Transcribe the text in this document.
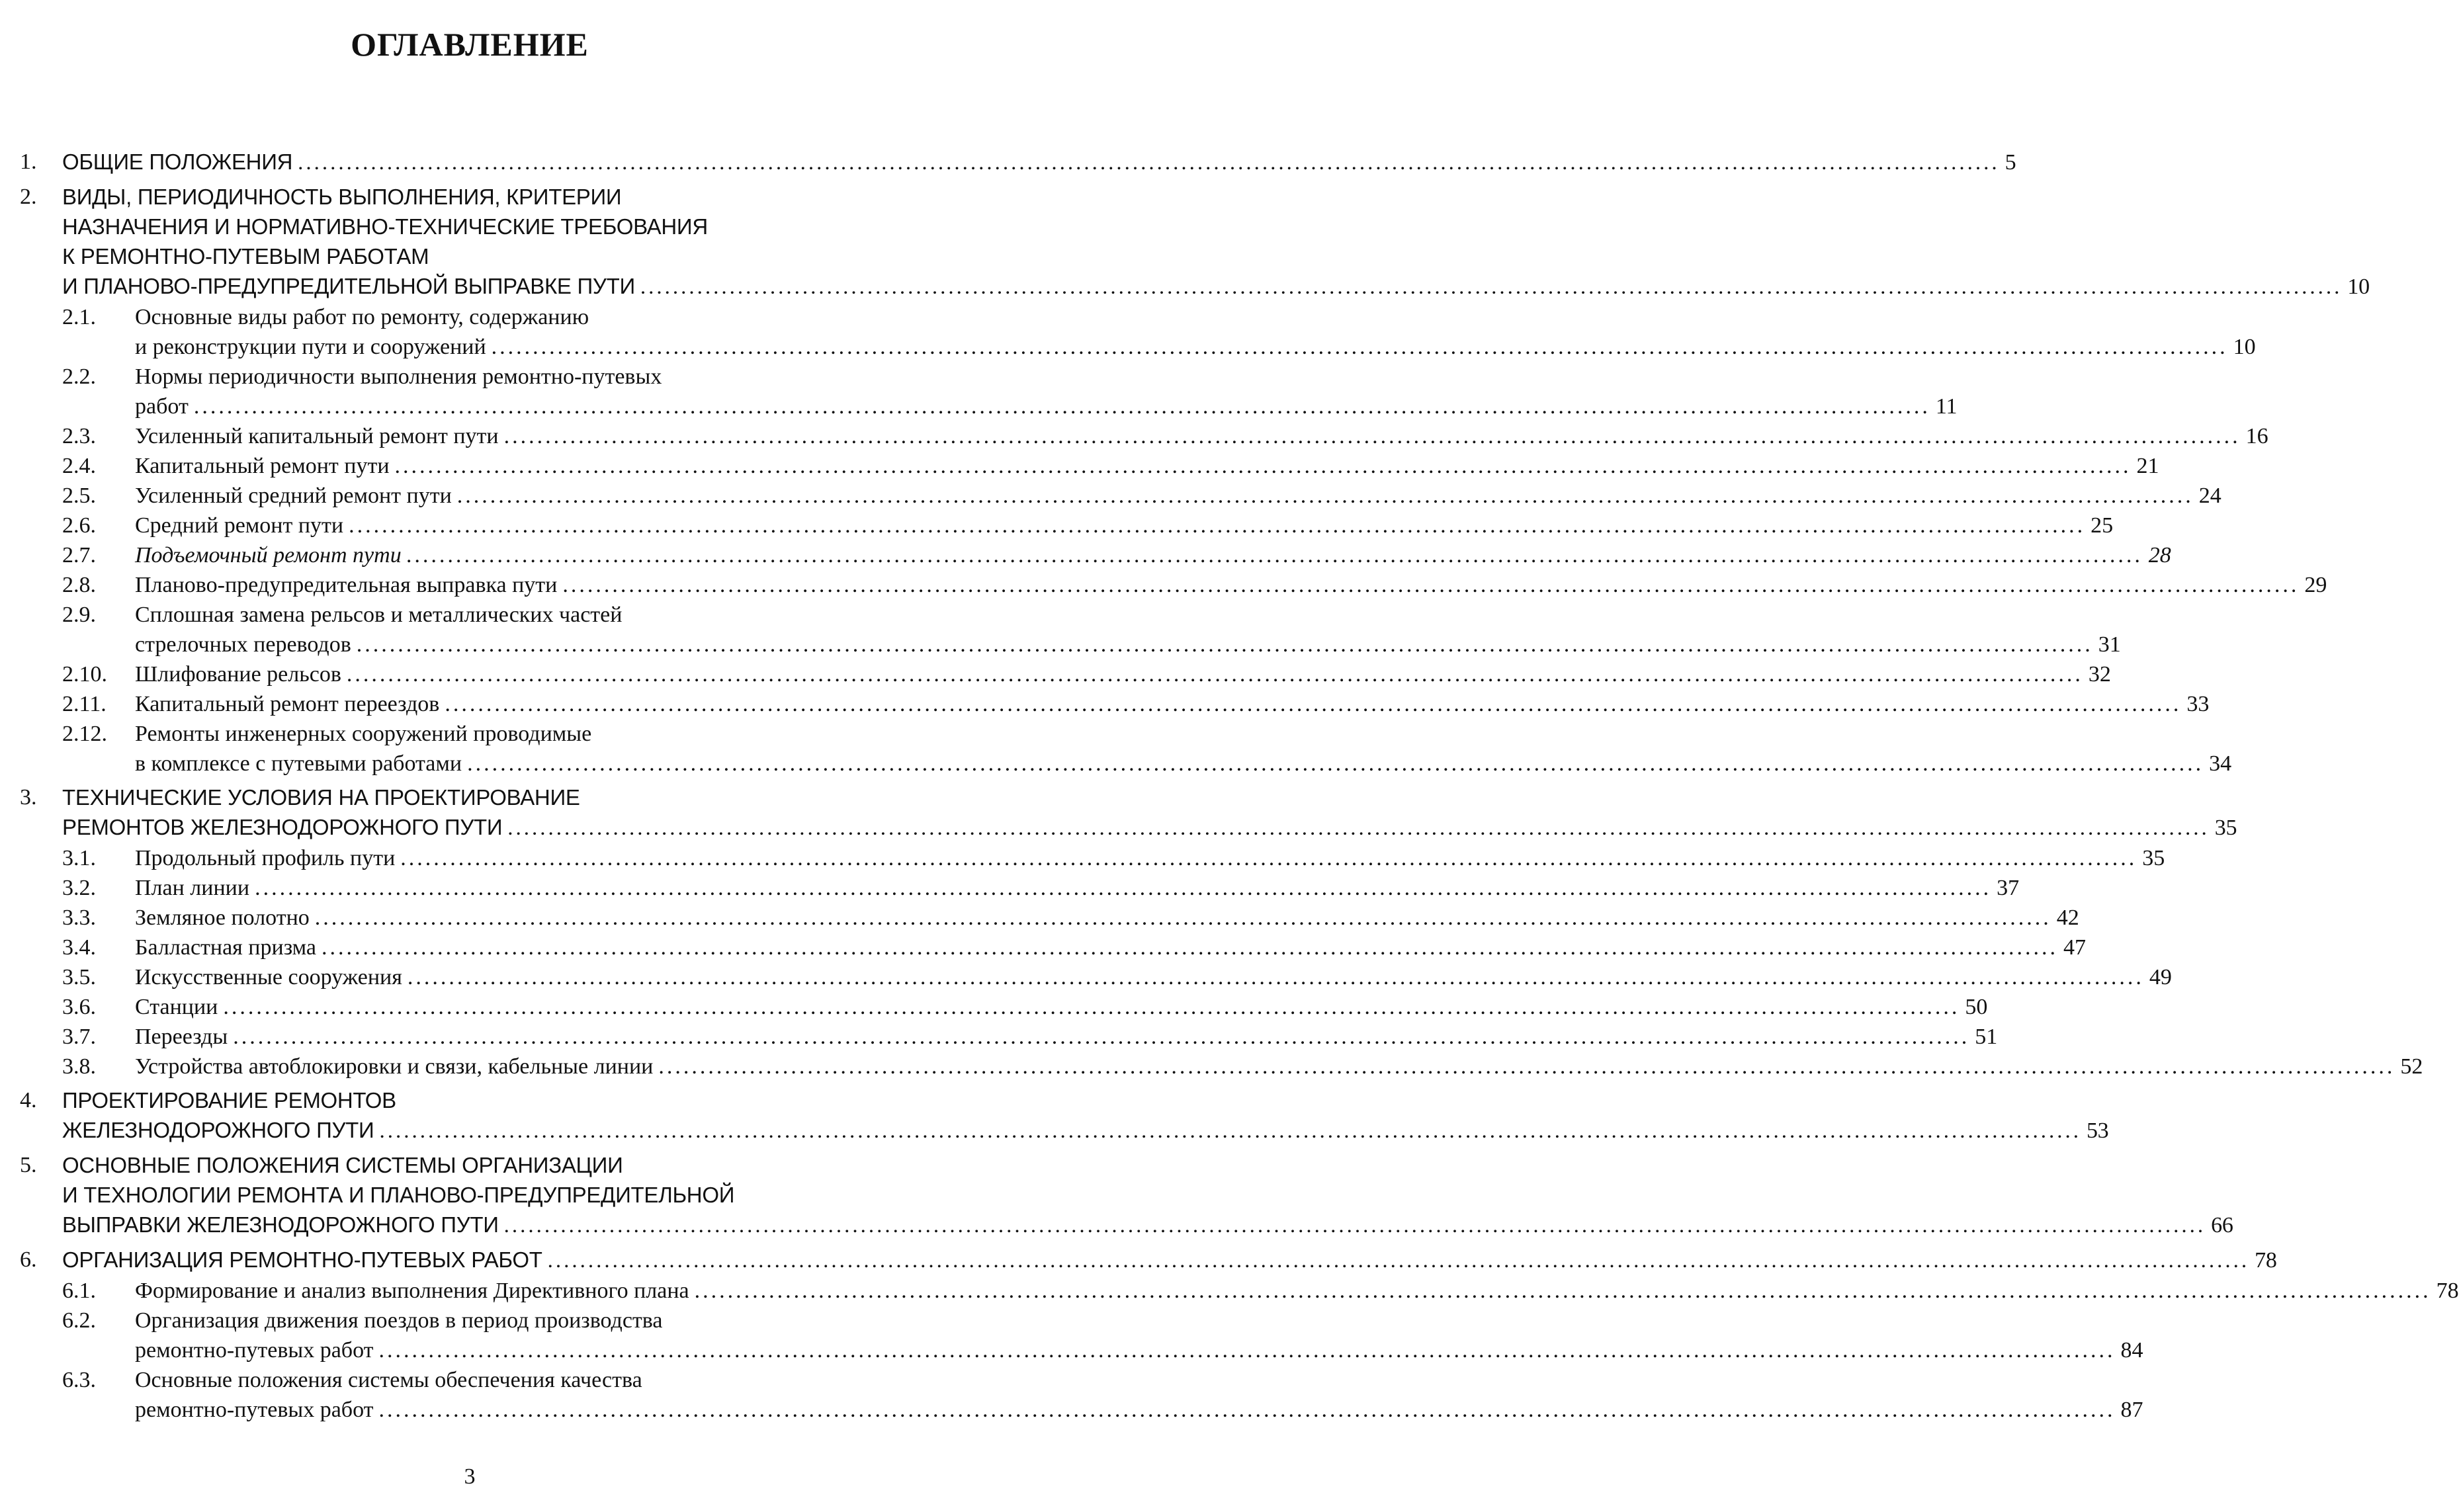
ОГЛАВЛЕНИЕ
1. ОБЩИЕ ПОЛОЖЕНИЯ .................................................................................................................................................................................................................. 5
2. ВИДЫ, ПЕРИОДИЧНОСТЬ ВЫПОЛНЕНИЯ, КРИТЕРИИ
НАЗНАЧЕНИЯ И НОРМАТИВНО-ТЕХНИЧЕСКИЕ ТРЕБОВАНИЯ
К РЕМОНТНО-ПУТЕВЫМ РАБОТАМ
И ПЛАНОВО-ПРЕДУПРЕДИТЕЛЬНОЙ ВЫПРАВКЕ ПУТИ .................................................................................................................................................................................................................. 10
2.1. Основные виды работ по ремонту, содержанию
и реконструкции пути и сооружений .................................................................................................................................................................................................................. 10
2.2. Нормы периодичности выполнения ремонтно-путевых
работ .................................................................................................................................................................................................................. 11
2.3. Усиленный капитальный ремонт пути .................................................................................................................................................................................................................. 16
2.4. Капитальный ремонт пути .................................................................................................................................................................................................................. 21
2.5. Усиленный средний ремонт пути .................................................................................................................................................................................................................. 24
2.6. Средний ремонт пути .................................................................................................................................................................................................................. 25
2.7. Подъемочный ремонт пути .................................................................................................................................................................................................................. 28
2.8. Планово-предупредительная выправка пути .................................................................................................................................................................................................................. 29
2.9. Сплошная замена рельсов и металлических частей
стрелочных переводов .................................................................................................................................................................................................................. 31
2.10. Шлифование рельсов .................................................................................................................................................................................................................. 32
2.11. Капитальный ремонт переездов .................................................................................................................................................................................................................. 33
2.12. Ремонты инженерных сооружений проводимые
в комплексе с путевыми работами .................................................................................................................................................................................................................. 34
3. ТЕХНИЧЕСКИЕ УСЛОВИЯ НА ПРОЕКТИРОВАНИЕ
РЕМОНТОВ ЖЕЛЕЗНОДОРОЖНОГО ПУТИ .................................................................................................................................................................................................................. 35
3.1. Продольный профиль пути .................................................................................................................................................................................................................. 35
3.2. План линии .................................................................................................................................................................................................................. 37
3.3. Земляное полотно .................................................................................................................................................................................................................. 42
3.4. Балластная призма .................................................................................................................................................................................................................. 47
3.5. Искусственные сооружения .................................................................................................................................................................................................................. 49
3.6. Станции .................................................................................................................................................................................................................. 50
3.7. Переезды .................................................................................................................................................................................................................. 51
3.8. Устройства автоблокировки и связи, кабельные линии .................................................................................................................................................................................................................. 52
4. ПРОЕКТИРОВАНИЕ РЕМОНТОВ
ЖЕЛЕЗНОДОРОЖНОГО ПУТИ .................................................................................................................................................................................................................. 53
5. ОСНОВНЫЕ ПОЛОЖЕНИЯ СИСТЕМЫ ОРГАНИЗАЦИИ
И ТЕХНОЛОГИИ РЕМОНТА И ПЛАНОВО-ПРЕДУПРЕДИТЕЛЬНОЙ
ВЫПРАВКИ ЖЕЛЕЗНОДОРОЖНОГО ПУТИ .................................................................................................................................................................................................................. 66
6. ОРГАНИЗАЦИЯ РЕМОНТНО-ПУТЕВЫХ РАБОТ .................................................................................................................................................................................................................. 78
6.1. Формирование и анализ выполнения Директивного плана .................................................................................................................................................................................................................. 78
6.2. Организация движения поездов в период производства
ремонтно-путевых работ .................................................................................................................................................................................................................. 84
6.3. Основные положения системы обеспечения качества
ремонтно-путевых работ .................................................................................................................................................................................................................. 87
3
